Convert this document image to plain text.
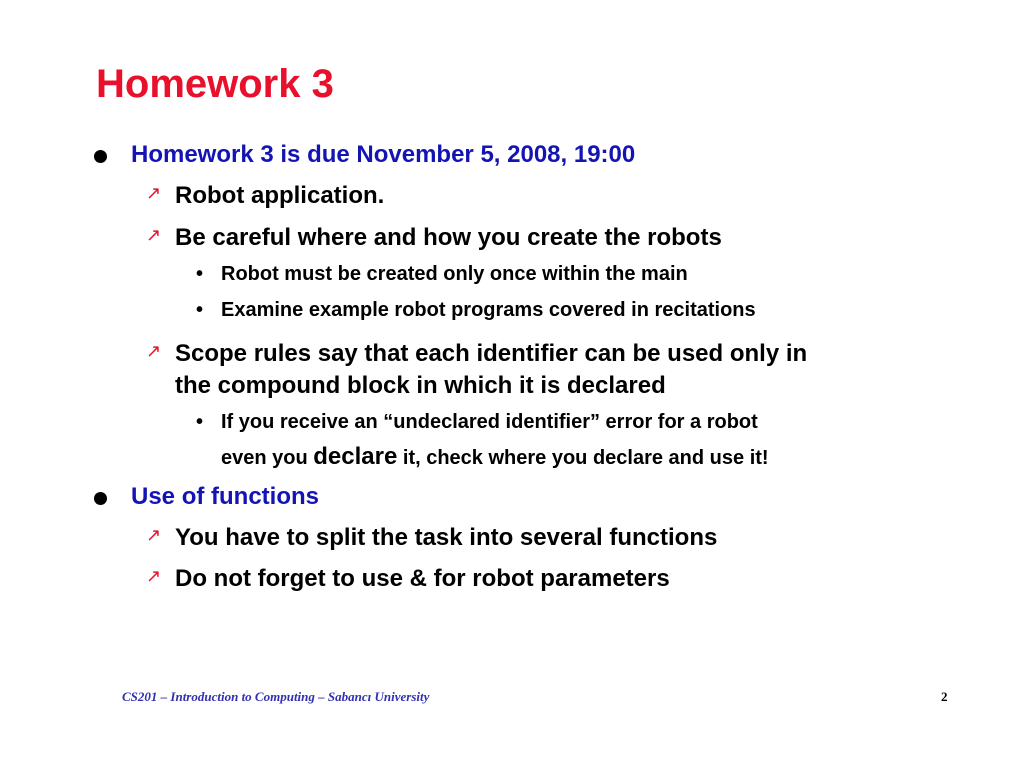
Homework 3
Homework 3 is due November 5, 2008, 19:00
↗ Robot application.
↗ Be careful where and how you create the robots
• Robot must be created only once within the main
• Examine example robot programs covered in recitations
↗ Scope rules say that each identifier can be used only in
the compound block in which it is declared
• If you receive an “undeclared identifier” error for a robot
even you declare it, check where you declare and use it!
Use of functions
↗ You have to split the task into several functions
↗ Do not forget to use & for robot parameters
CS201 – Introduction to Computing – Sabancı University	2
